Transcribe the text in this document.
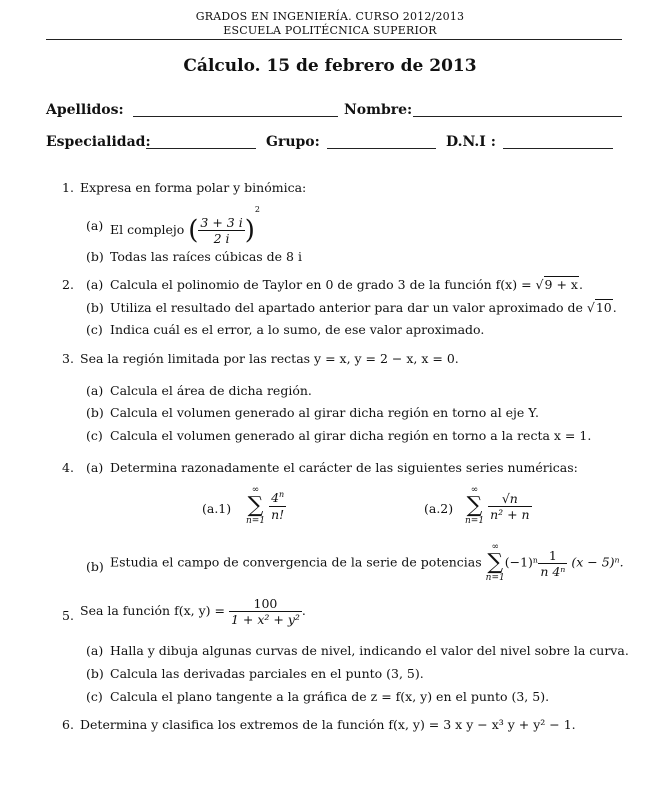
GRADOS EN INGENIERÍA. CURSO 2012/2013
ESCUELA POLITÉCNICA SUPERIOR
Cálculo. 15 de febrero de 2013
Apellidos:	Nombre:
Especialidad:	Grupo:	D.N.I :
1. Expresa en forma polar y binómica:
(a) El complejo ( $\frac{3 + 3 i}{2 i} )^2$
(b) Todas las raíces cúbicas de 8 i
2. (a) Calcula el polinomio de Taylor en 0 de grado 3 de la función f(x) = √9 + x.
(b) Utiliza el resultado del apartado anterior para dar un valor aproximado de √10.
(c) Indica cuál es el error, a lo sumo, de ese valor aproximado.
3. Sea la región limitada por las rectas y = x, y = 2 − x, x = 0.
(a) Calcula el área de dicha región.
(b) Calcula el volumen generado al girar dicha región en torno al eje Y.
(c) Calcula el volumen generado al girar dicha región en torno a la recta x = 1.
4. (a) Determina razonadamente el carácter de las siguientes series numéricas:
(a.1)
∞
∑
n=1
$\frac{4^n}{n!}$	(a.2)
∞
∑
n=1
$\frac{√n}{\text{n² + n}}$
(b) Estudia el campo de convergencia de la serie de potencias
∞
∑
n=1
$(-1)^n \frac{1}{\text{n 4ⁿ}} (x - 5)^n$.
5. Sea la función f(x, $y) = \frac{100}{\text{1 + x² + y²}}$ .
(a) Halla y dibuja algunas curvas de nivel, indicando el valor del nivel sobre la curva.
(b) Calcula las derivadas parciales en el punto (3, 5).
(c) Calcula el plano tangente a la gráfica de z = f(x, y) en el punto (3, 5).
6. Determina y clasifica los extremos de la función f(x, y) = 3 x y − x³ y + y² − 1.
